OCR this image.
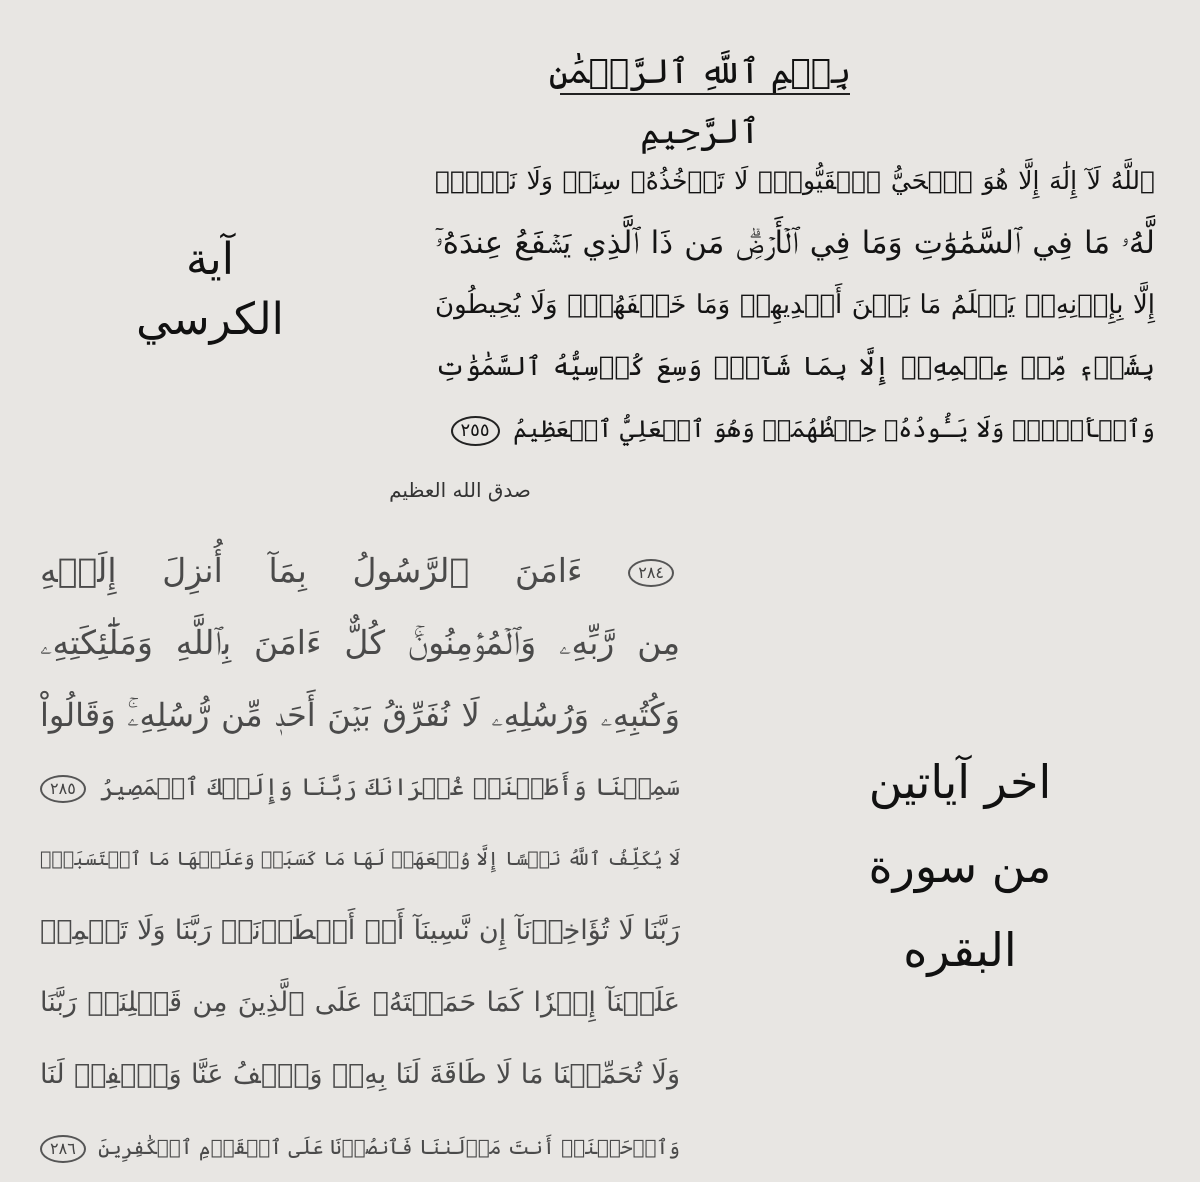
بِسۡمِ ٱللَّهِ ٱلرَّحۡمَٰنِ ٱلرَّحِيمِ
ٱللَّهُ لَآ إِلَٰهَ إِلَّا هُوَ ٱلۡحَيُّ ٱلۡقَيُّومُۚ لَا تَأۡخُذُهُۥ سِنَةٞ وَلَا نَوۡمٞۚ
لَّهُۥ مَا فِي ٱلسَّمَٰوَٰتِ وَمَا فِي ٱلۡأَرۡضِۗ مَن ذَا ٱلَّذِي يَشۡفَعُ عِندَهُۥٓ
إِلَّا بِإِذۡنِهِۦۚ يَعۡلَمُ مَا بَيۡنَ أَيۡدِيهِمۡ وَمَا خَلۡفَهُمۡۖ وَلَا يُحِيطُونَ
بِشَيۡءٖ مِّنۡ عِلۡمِهِۦٓ إِلَّا بِمَا شَآءَۚ وَسِعَ كُرۡسِيُّهُ ٱلسَّمَٰوَٰتِ
وَٱلۡأَرۡضَۖ وَلَا يَـُٔودُهُۥ حِفۡظُهُمَاۚ وَهُوَ ٱلۡعَلِيُّ ٱلۡعَظِيمُ ٢٥٥
آية الكرسي
صدق الله العظيم
٢٨٤ ءَامَنَ ٱلرَّسُولُ بِمَآ أُنزِلَ إِلَيۡهِ
مِن رَّبِّهِۦ وَٱلۡمُؤۡمِنُونَۚ كُلٌّ ءَامَنَ بِٱللَّهِ وَمَلَٰٓئِكَتِهِۦ
وَكُتُبِهِۦ وَرُسُلِهِۦ لَا نُفَرِّقُ بَيۡنَ أَحَدٖ مِّن رُّسُلِهِۦۚ وَقَالُواْ
سَمِعۡنَا وَأَطَعۡنَاۖ غُفۡرَانَكَ رَبَّنَا وَإِلَيۡكَ ٱلۡمَصِيرُ ٢٨٥
لَا يُكَلِّفُ ٱللَّهُ نَفۡسًا إِلَّا وُسۡعَهَاۚ لَهَا مَا كَسَبَتۡ وَعَلَيۡهَا مَا ٱكۡتَسَبَتۡۗ
رَبَّنَا لَا تُؤَاخِذۡنَآ إِن نَّسِينَآ أَوۡ أَخۡطَأۡنَاۚ رَبَّنَا وَلَا تَحۡمِلۡ
عَلَيۡنَآ إِصۡرٗا كَمَا حَمَلۡتَهُۥ عَلَى ٱلَّذِينَ مِن قَبۡلِنَاۚ رَبَّنَا
وَلَا تُحَمِّلۡنَا مَا لَا طَاقَةَ لَنَا بِهِۦۖ وَٱعۡفُ عَنَّا وَٱغۡفِرۡ لَنَا
وَٱرۡحَمۡنَآۚ أَنتَ مَوۡلَىٰنَا فَٱنصُرۡنَا عَلَى ٱلۡقَوۡمِ ٱلۡكَٰفِرِينَ ٢٨٦
اخر آياتين
من سورة
البقره
